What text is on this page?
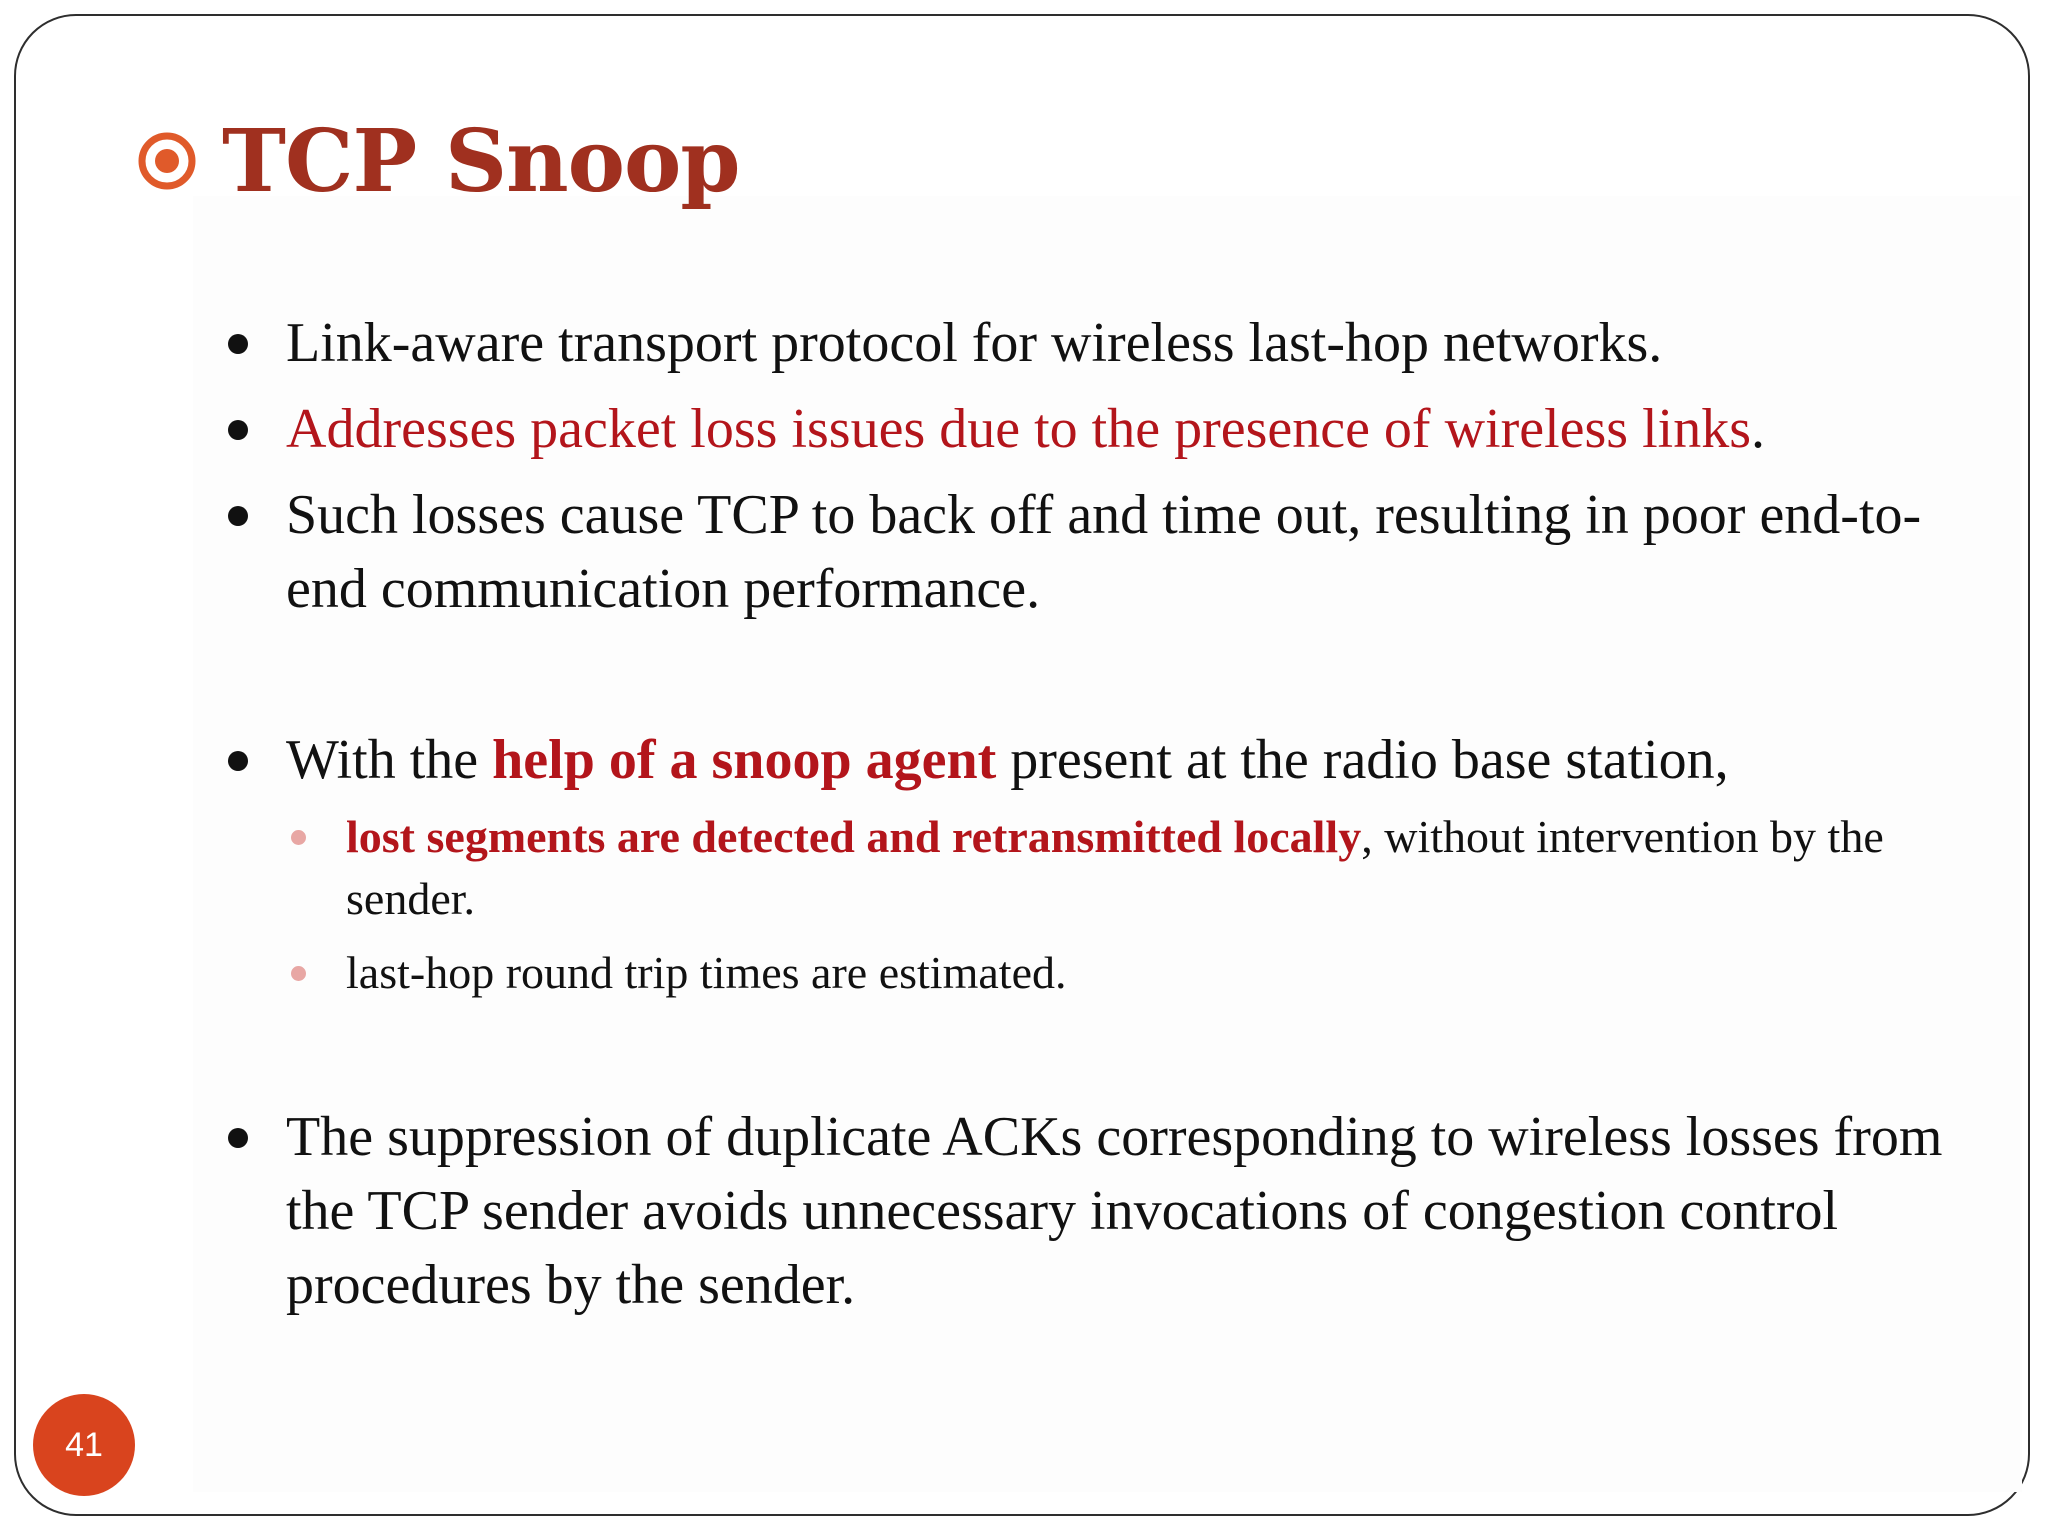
TCP Snoop
Link-aware transport protocol for wireless last-hop networks.
Addresses packet loss issues due to the presence of wireless links.
Such losses cause TCP to back off and time out, resulting in poor end-to-end communication performance.
With the help of a snoop agent present at the radio base station,
lost segments are detected and retransmitted locally, without intervention by the sender.
last-hop round trip times are estimated.
The suppression of duplicate ACKs corresponding to wireless losses from the TCP sender avoids unnecessary invocations of congestion control procedures by the sender.
41
